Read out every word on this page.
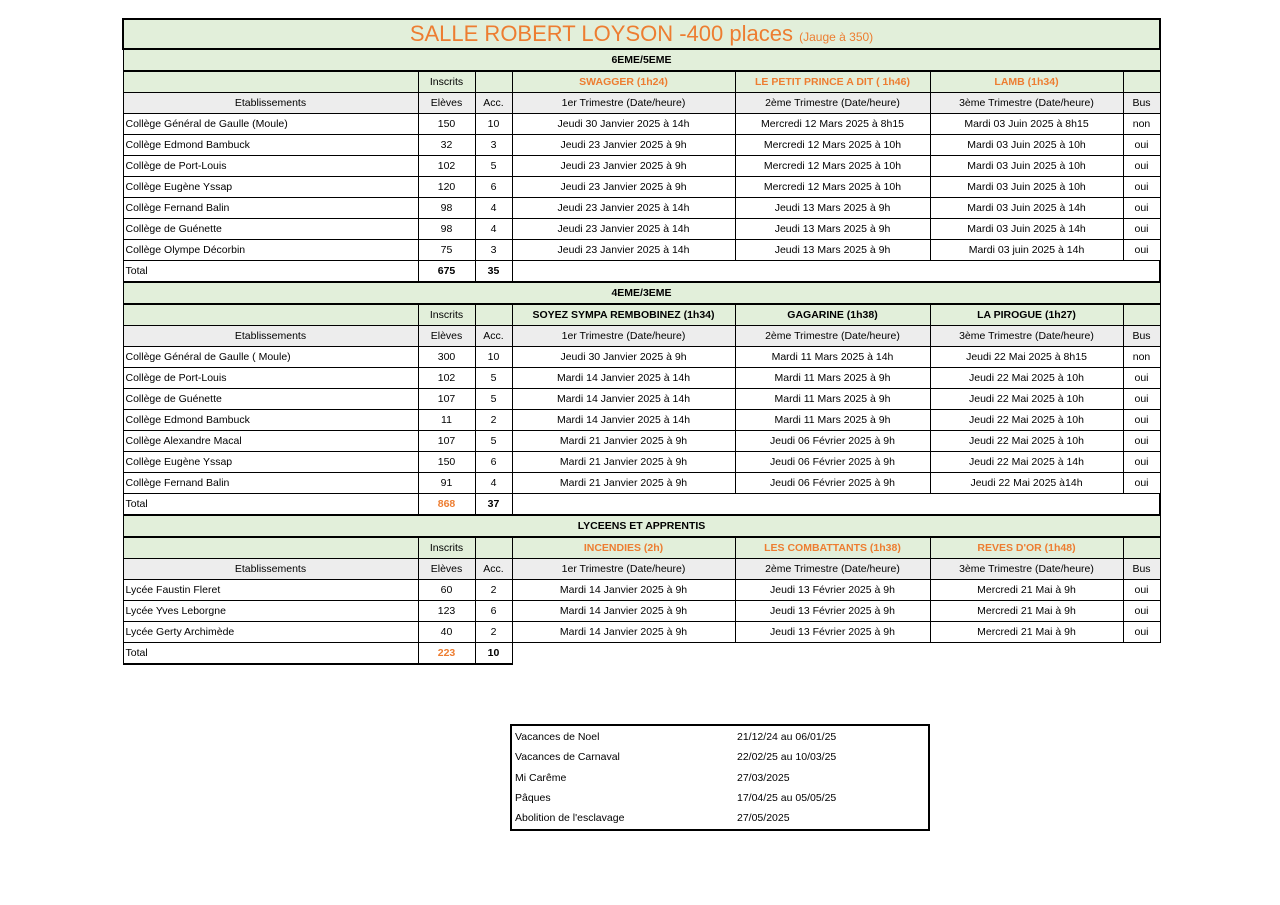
SALLE ROBERT LOYSON -400 places (Jauge à 350)						
6EME/5EME						
	Inscrits		SWAGGER (1h24)	LE PETIT PRINCE A DIT ( 1h46)	LAMB (1h34)	
Etablissements	Elèves	Acc.	1er Trimestre (Date/heure)	2ème Trimestre (Date/heure)	3ème Trimestre (Date/heure)	Bus
Collège Général de Gaulle (Moule)	150	10	Jeudi 30 Janvier 2025 à 14h	Mercredi 12 Mars 2025 à 8h15	Mardi 03 Juin 2025 à 8h15	non
Collège Edmond Bambuck	32	3	Jeudi 23 Janvier 2025 à 9h	Mercredi 12 Mars 2025 à 10h	Mardi 03 Juin 2025 à 10h	oui
Collège de Port-Louis	102	5	Jeudi 23 Janvier 2025 à 9h	Mercredi 12 Mars 2025 à 10h	Mardi 03 Juin 2025 à 10h	oui
Collège Eugène Yssap	120	6	Jeudi 23 Janvier 2025 à 9h	Mercredi 12 Mars 2025 à 10h	Mardi 03 Juin 2025 à 10h	oui
Collège Fernand Balin	98	4	Jeudi 23 Janvier 2025 à 14h	Jeudi 13 Mars 2025 à 9h	Mardi 03 Juin 2025 à 14h	oui
Collège de Guénette	98	4	Jeudi 23 Janvier 2025 à 14h	Jeudi 13 Mars 2025 à 9h	Mardi 03 Juin 2025 à 14h	oui
Collège Olympe Décorbin	75	3	Jeudi 23 Janvier 2025 à 14h	Jeudi 13 Mars 2025 à 9h	Mardi 03 juin 2025 à 14h	oui
Total	675	35				
4EME/3EME						
	Inscrits		SOYEZ SYMPA REMBOBINEZ (1h34)	GAGARINE (1h38)	LA PIROGUE (1h27)	
Etablissements	Elèves	Acc.	1er Trimestre (Date/heure)	2ème Trimestre (Date/heure)	3ème Trimestre (Date/heure)	Bus
Collège Général de Gaulle ( Moule)	300	10	Jeudi 30 Janvier 2025 à 9h	Mardi 11 Mars 2025 à 14h	Jeudi 22 Mai 2025 à 8h15	non
Collège de Port-Louis	102	5	Mardi 14 Janvier 2025 à 14h	Mardi 11 Mars 2025 à 9h	Jeudi 22 Mai 2025 à 10h	oui
Collège de Guénette	107	5	Mardi 14 Janvier 2025 à 14h	Mardi 11 Mars 2025 à 9h	Jeudi 22 Mai 2025 à 10h	oui
Collège Edmond Bambuck	11	2	Mardi 14 Janvier 2025 à 14h	Mardi 11 Mars 2025 à 9h	Jeudi 22 Mai 2025 à 10h	oui
Collège Alexandre Macal	107	5	Mardi 21 Janvier 2025 à 9h	Jeudi 06 Février 2025 à 9h	Jeudi 22 Mai 2025 à 10h	oui
Collège Eugène Yssap	150	6	Mardi 21 Janvier 2025 à 9h	Jeudi 06 Février 2025 à 9h	Jeudi 22 Mai 2025 à 14h	oui
Collège Fernand Balin	91	4	Mardi 21 Janvier 2025 à 9h	Jeudi 06 Février 2025 à 9h	Jeudi 22 Mai 2025 à14h	oui
Total	868	37				
LYCEENS ET APPRENTIS						
	Inscrits		INCENDIES (2h)	LES COMBATTANTS (1h38)	REVES D'OR (1h48)	
Etablissements	Elèves	Acc.	1er Trimestre (Date/heure)	2ème Trimestre (Date/heure)	3ème Trimestre (Date/heure)	Bus
Lycée Faustin Fleret	60	2	Mardi 14 Janvier 2025 à 9h	Jeudi 13 Février 2025 à 9h	Mercredi 21 Mai à 9h	oui
Lycée Yves Leborgne	123	6	Mardi 14 Janvier 2025 à 9h	Jeudi 13 Février 2025 à 9h	Mercredi 21 Mai à 9h	oui
Lycée Gerty Archimède	40	2	Mardi 14 Janvier 2025 à 9h	Jeudi 13 Février 2025 à 9h	Mercredi 21 Mai à 9h	oui
Total	223	10				
Vacances de Noel	21/12/24 au 06/01/25
Vacances de Carnaval	22/02/25 au 10/03/25
Mi Carême	27/03/2025
Pâques	17/04/25 au 05/05/25
Abolition de l'esclavage	27/05/2025
